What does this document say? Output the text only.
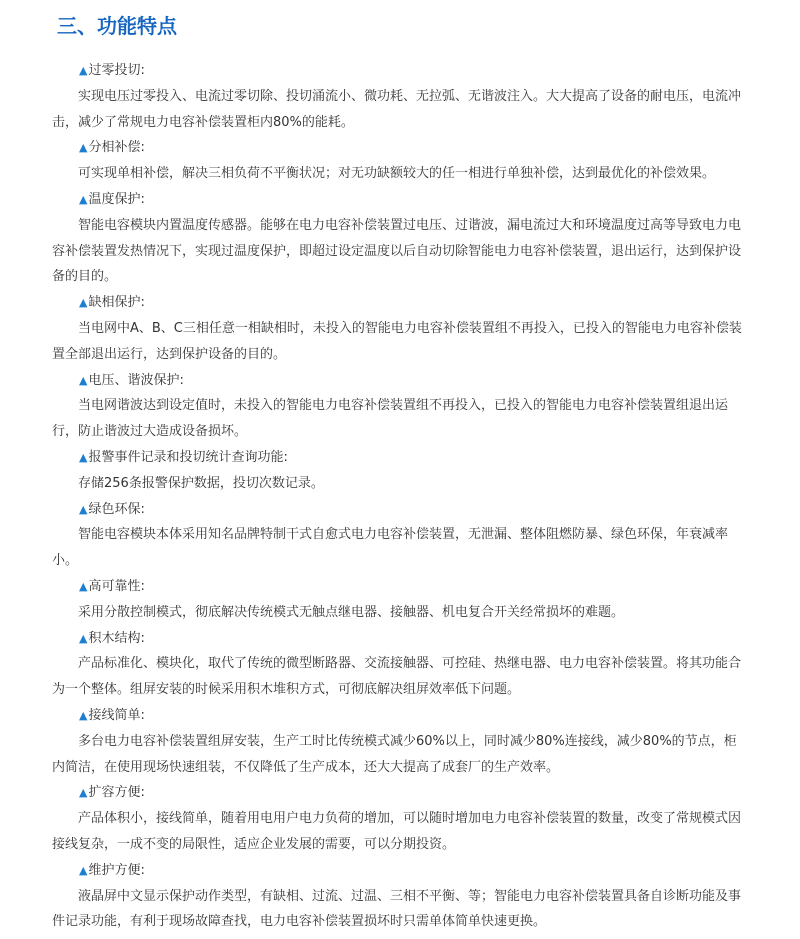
三、功能特点

▲过零投切:

实现电压过零投入、电流过零切除、投切涌流小、微功耗、无拉弧、无谐波注入。大大提高了设备的耐电压，电流冲击，减少了常规电力电容补偿装置柜内80%的能耗。

▲分相补偿:

可实现单相补偿，解决三相负荷不平衡状况；对无功缺额较大的任一相进行单独补偿，达到最优化的补偿效果。

▲温度保护:

智能电容模块内置温度传感器。能够在电力电容补偿装置过电压、过谐波，漏电流过大和环境温度过高等导致电力电容补偿装置发热情况下，实现过温度保护，即超过设定温度以后自动切除智能电力电容补偿装置，退出运行，达到保护设备的目的。

▲缺相保护:

当电网中A、B、C三相任意一相缺相时，未投入的智能电力电容补偿装置组不再投入，已投入的智能电力电容补偿装置全部退出运行，达到保护设备的目的。

▲电压、谐波保护:

当电网谐波达到设定值时，未投入的智能电力电容补偿装置组不再投入，已投入的智能电力电容补偿装置组退出运行，防止谐波过大造成设备损坏。

▲报警事件记录和投切统计查询功能:

存储256条报警保护数据，投切次数记录。

▲绿色环保:

智能电容模块本体采用知名品牌特制干式自愈式电力电容补偿装置，无泄漏、整体阻燃防暴、绿色环保，年衰减率小。

▲高可靠性:

采用分散控制模式，彻底解决传统模式无触点继电器、接触器、机电复合开关经常损坏的难题。

▲积木结构:

产品标准化、模块化，取代了传统的微型断路器、交流接触器、可控硅、热继电器、电力电容补偿装置。将其功能合为一个整体。组屏安装的时候采用积木堆积方式，可彻底解决组屏效率低下问题。

▲接线简单:

多台电力电容补偿装置组屏安装，生产工时比传统模式减少60%以上，同时减少80%连接线，减少80%的节点，柜内简洁，在使用现场快速组装，不仅降低了生产成本，还大大提高了成套厂的生产效率。

▲扩容方便:

产品体积小，接线简单，随着用电用户电力负荷的增加，可以随时增加电力电容补偿装置的数量，改变了常规模式因接线复杂，一成不变的局限性，适应企业发展的需要，可以分期投资。

▲维护方便:

液晶屏中文显示保护动作类型，有缺相、过流、过温、三相不平衡、等；智能电力电容补偿装置具备自诊断功能及事件记录功能，有利于现场故障查找，电力电容补偿装置损坏时只需单体简单快速更换。
